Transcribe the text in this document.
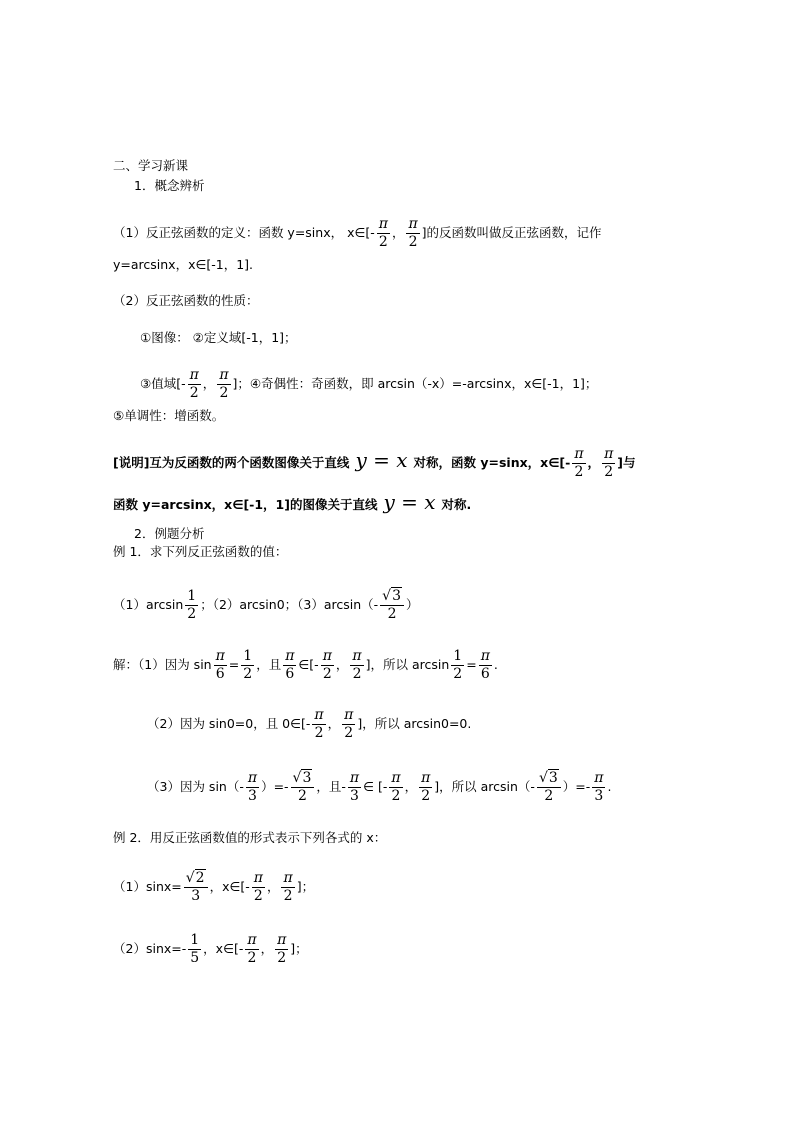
二、学习新课
1．概念辨析
（1）反正弦函数的定义：函数 y=sinx， x∈[- $\frac{\pi}{2}$ ， $\frac{\pi}{2}$ ]的反函数叫做反正弦函数，记作
y=arcsinx，x∈[-1，1].
（2）反正弦函数的性质：
①图像： ②定义域[-1，1]；
③值域[- $\frac{\pi}{2}$ ， $\frac{\pi}{2}$ ]；④奇偶性：奇函数，即 arcsin（-x）=-arcsinx，x∈[-1，1]；
⑤单调性：增函数。
[说明]互为反函数的两个函数图像关于直线 y = x 对称，函数 y=sinx，x∈[- $\frac{\pi}{2}$ ， $\frac{\pi}{2}$ ]与
函数 y=arcsinx，x∈[-1，1]的图像关于直线 y = x 对称.
2．例题分析
例 1．求下列反正弦函数的值：
$(1)\arcsin \frac{1}{2}$ ；（2）arcsin0；$(3)\arcsin(- \frac{√3}{2}$ ）
解：（1）因为 $\sin \frac{\pi}{6} = \frac{1}{2}$ ，且 $\frac{\pi}{6}$ ∈[- $\frac{\pi}{2}$ ， $\frac{\pi}{2}$ ]，所以 $\arcsin \frac{1}{2} = \frac{\pi}{6}$ .
（2）因为 sin0=0，且 0∈[- $\frac{\pi}{2}$ ， $\frac{\pi}{2}$ ]，所以 arcsin0=0.
（3）因为 $\sin(- \frac{\pi}{3}$ ）=- $\frac{√3}{2}$ ，且- $\frac{\pi}{3}$ ∈ [- $\frac{\pi}{2}$ ， $\frac{\pi}{2}$ ]，所以 $\arcsin(- \frac{√3}{2}$ ）=- $\frac{\pi}{3}$ .
例 2．用反正弦函数值的形式表示下列各式的 x：
$(1)\sin x= \frac{√2}{3}$ ，x∈[- $\frac{\pi}{2}$ ， $\frac{\pi}{2}$ ]；
$(2)\sin x=- \frac{1}{5}$ ，x∈[- $\frac{\pi}{2}$ ， $\frac{\pi}{2}$ ]；
